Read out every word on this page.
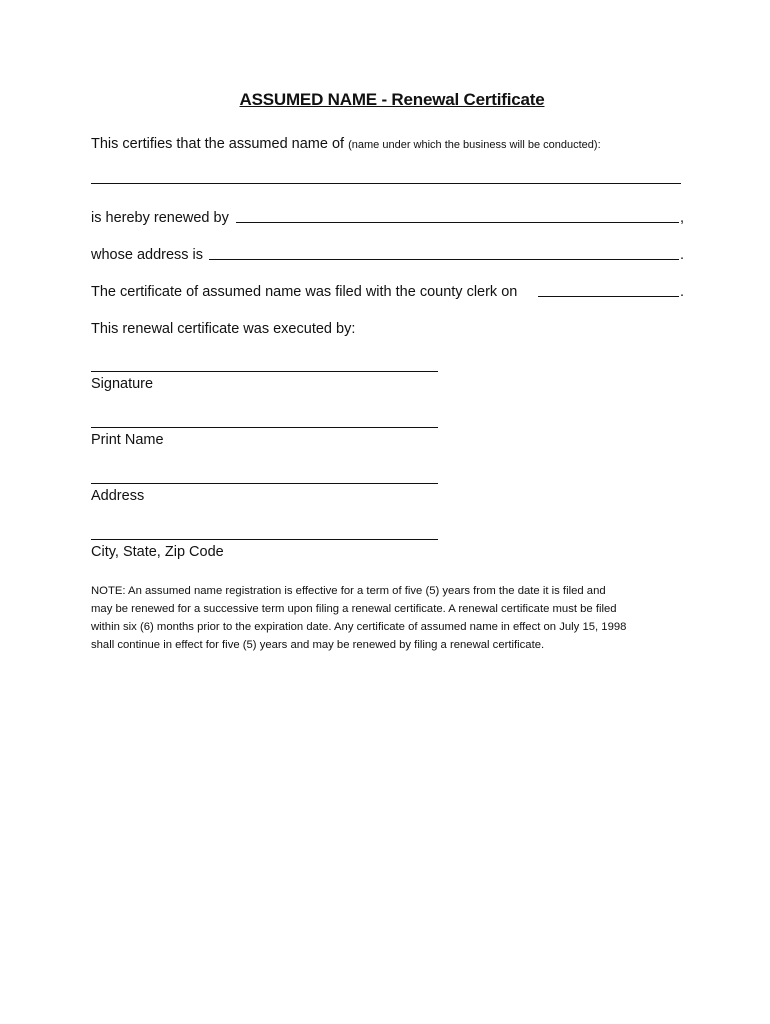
ASSUMED NAME - Renewal Certificate
This certifies that the assumed name of (name under which the business will be conducted):
is hereby renewed by	,
whose address is	.
The certificate of assumed name was filed with the county clerk on	.
This renewal certificate was executed by:
Signature
Print Name
Address
City, State, Zip Code

NOTE: An assumed name registration is effective for a term of five (5) years from the date it is filed and

may be renewed for a successive term upon filing a renewal certificate. A renewal certificate must be filed

within six (6) months prior to the expiration date. Any certificate of assumed name in effect on July 15, 1998

shall continue in effect for five (5) years and may be renewed by filing a renewal certificate.
